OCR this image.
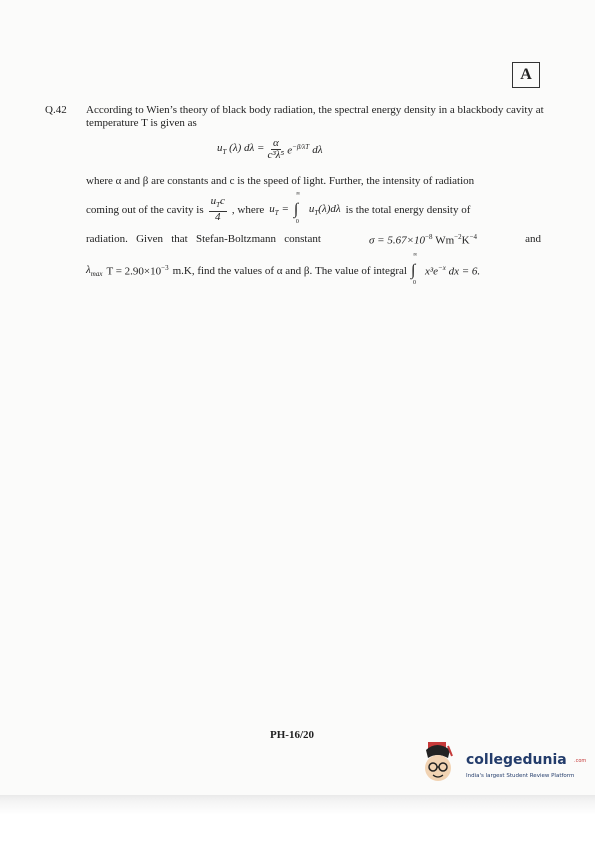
A
Q.42 According to Wien’s theory of black body radiation, the spectral energy density in a blackbody cavity at temperature T is given as
$u_T$ (λ) $d\lambda = \frac{\alpha}{\text{c³λ⁵}} e^{-\beta/\lambda T}$ dλ
where α and β are constants and c is the speed of light. Further, the intensity of radiation
coming out of the cavity is $\frac{u_Tc}{4}$ , where $u_T$ =
∞
∫
0
$u_T(\lambda)d\lambda$ is the total energy density of
radiation.   Given   that   Stefan-Boltzmann   constant	$\sigma = 5.67\times 10^{-8}$ $Wm^{-2}K^{-4}$	and
$\lambda_{max}$ $T = 2.90\times 10^{-3}$ m.K, find the values of α and β. The value of integral
∞
∫
0
$x^3e^{-x}$ dx = 6.
PH-16/20
collegedunia .com
India's largest Student Review Platform
